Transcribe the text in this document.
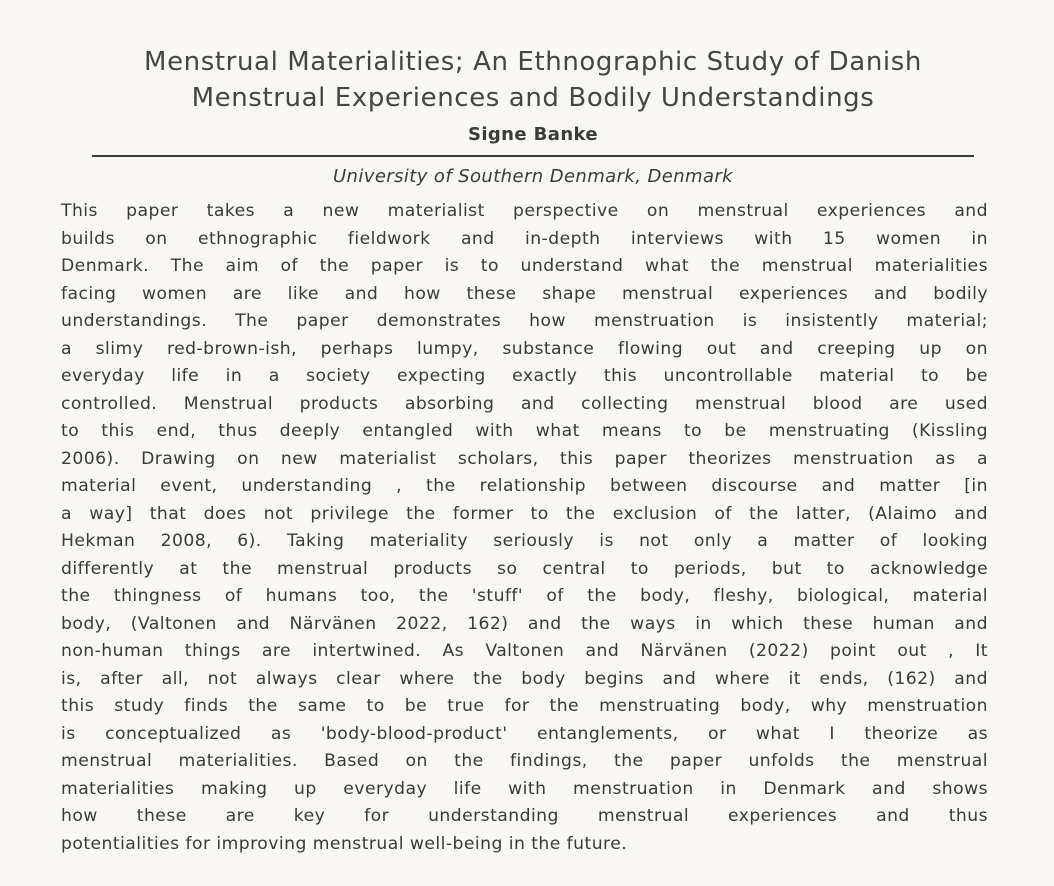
Menstrual Materialities; An Ethnographic Study of Danish
Menstrual Experiences and Bodily Understandings

Signe Banke

University of Southern Denmark, Denmark

This paper takes a new materialist perspective on menstrual experiences and
builds on ethnographic fieldwork and in-depth interviews with 15 women in
Denmark. The aim of the paper is to understand what the menstrual materialities
facing women are like and how these shape menstrual experiences and bodily
understandings. The paper demonstrates how menstruation is insistently material;
a slimy red-brown-ish, perhaps lumpy, substance flowing out and creeping up on
everyday life in a society expecting exactly this uncontrollable material to be
controlled. Menstrual products absorbing and collecting menstrual blood are used
to this end, thus deeply entangled with what means to be menstruating (Kissling
2006). Drawing on new materialist scholars, this paper theorizes menstruation as a
material event, understanding , the relationship between discourse and matter [in
a way] that does not privilege the former to the exclusion of the latter, (Alaimo and
Hekman 2008, 6). Taking materiality seriously is not only a matter of looking
differently at the menstrual products so central to periods, but to acknowledge
the thingness of humans too, the 'stuff' of the body, fleshy, biological, material
body, (Valtonen and Närvänen 2022, 162) and the ways in which these human and
non-human things are intertwined. As Valtonen and Närvänen (2022) point out , It
is, after all, not always clear where the body begins and where it ends, (162) and
this study finds the same to be true for the menstruating body, why menstruation
is conceptualized as 'body-blood-product' entanglements, or what I theorize as
menstrual materialities. Based on the findings, the paper unfolds the menstrual
materialities making up everyday life with menstruation in Denmark and shows
how these are key for understanding menstrual experiences and thus
potentialities for improving menstrual well-being in the future.
